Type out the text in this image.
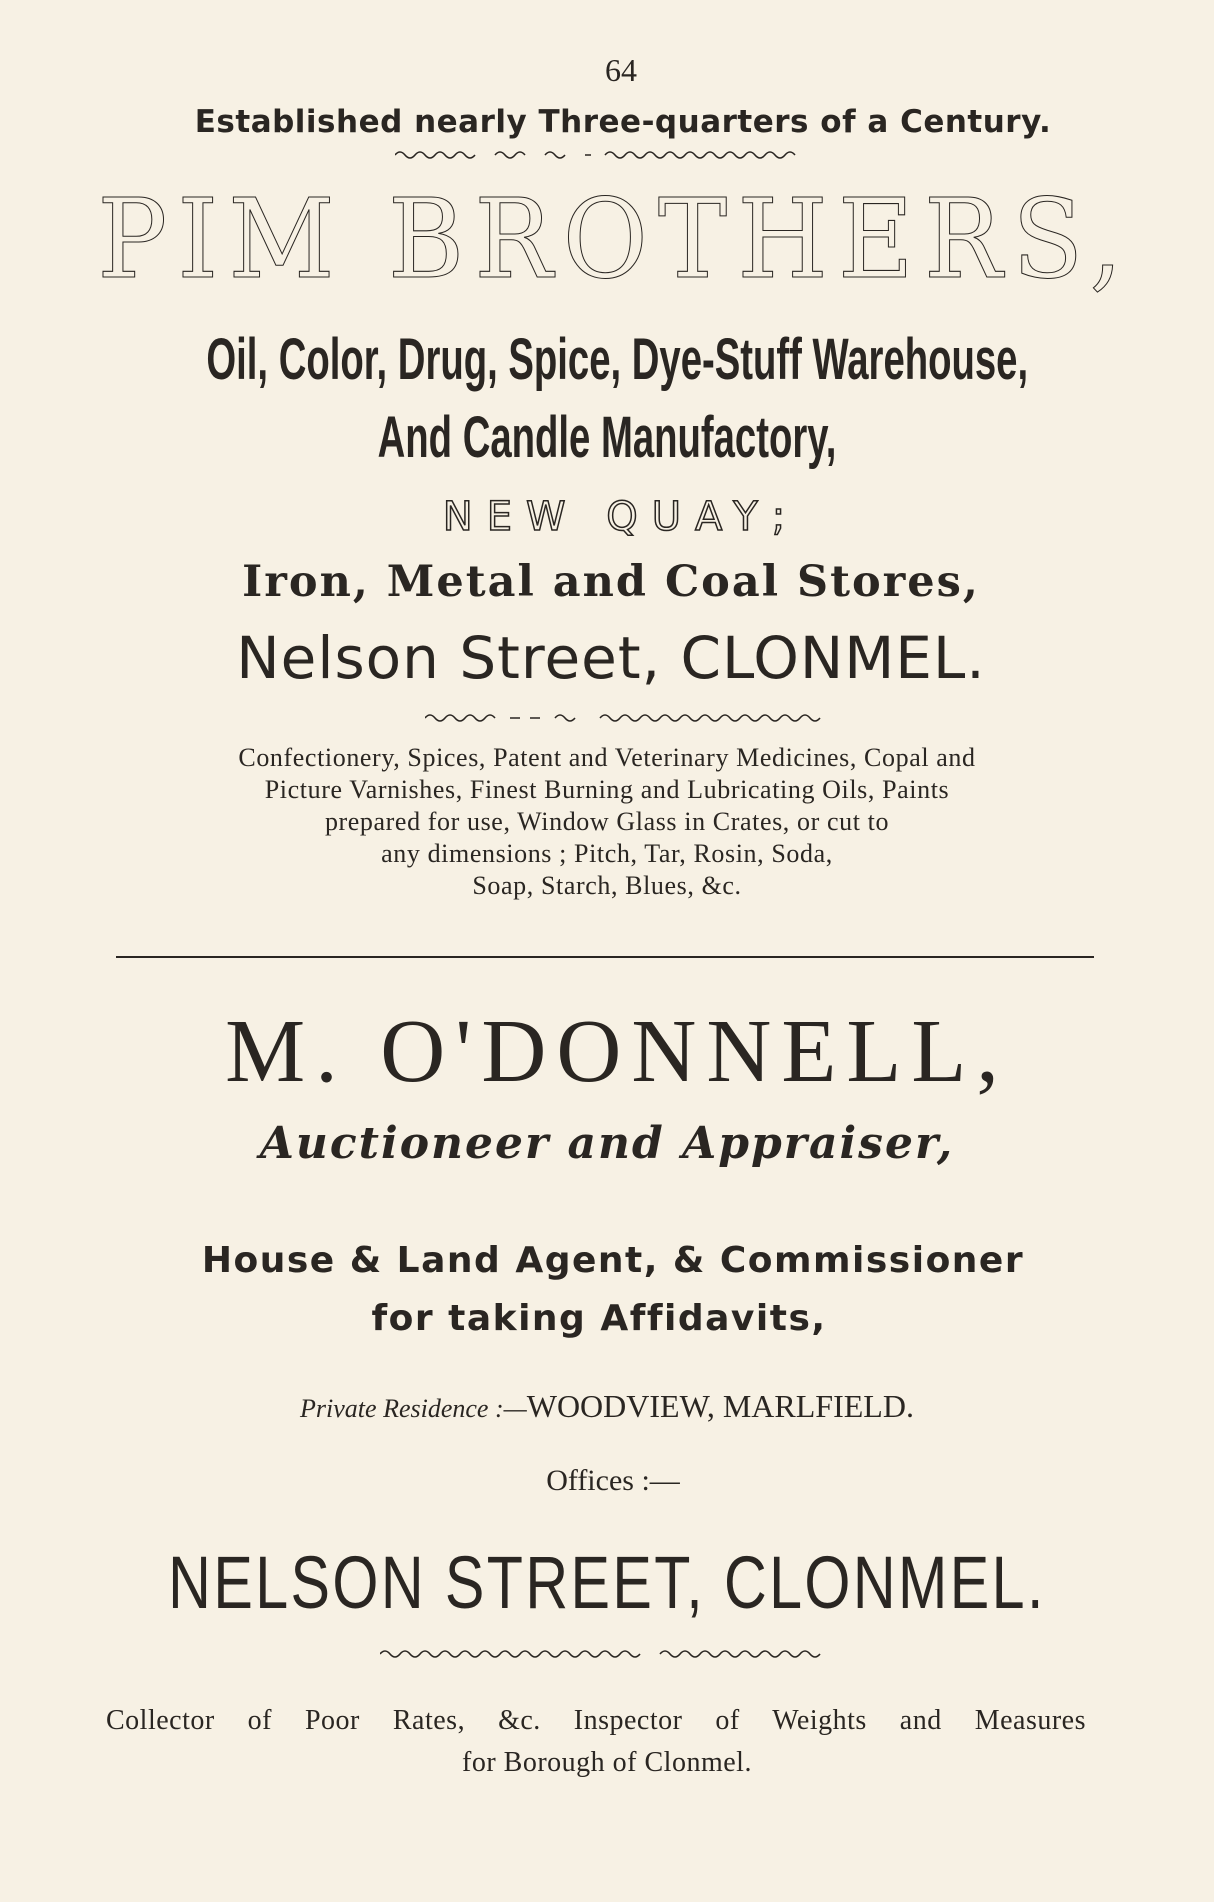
64
Established nearly Three-quarters of a Century.
PIM BROTHERS,
Oil, Color, Drug, Spice, Dye-Stuff Warehouse,
And Candle Manufactory,
NEW QUAY;
Iron, Metal and Coal Stores,
Nelson Street, CLONMEL.
Confectionery, Spices, Patent and Veterinary Medicines, Copal and
Picture Varnishes, Finest Burning and Lubricating Oils, Paints
prepared for use, Window Glass in Crates, or cut to
any dimensions ; Pitch, Tar, Rosin, Soda,
Soap, Starch, Blues, &c.
M. O'DONNELL,
Auctioneer and Appraiser,
House & Land Agent, & Commissioner
for taking Affidavits,
Private Residence :—WOODVIEW, MARLFIELD.
Offices :—
NELSON STREET, CLONMEL.
Collector of Poor Rates, &c. Inspector of Weights and Measures
for Borough of Clonmel.
